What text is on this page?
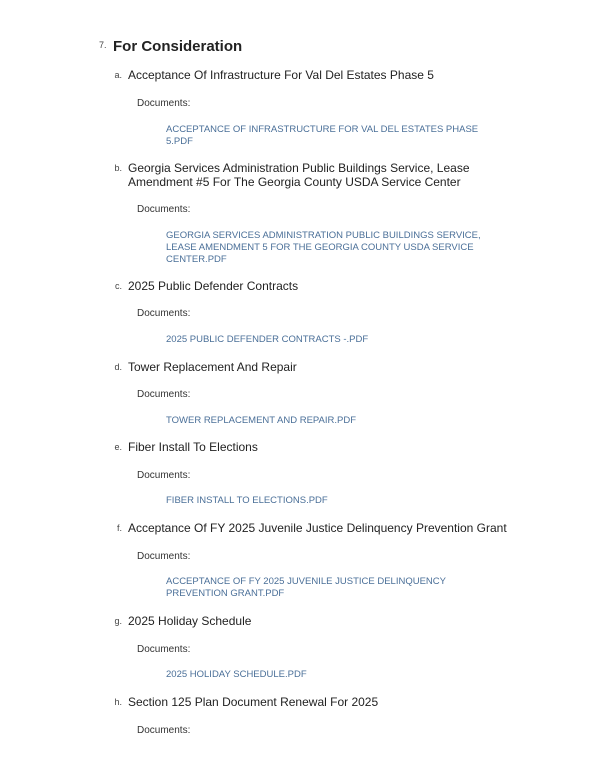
7. For Consideration
a. Acceptance Of Infrastructure For Val Del Estates Phase 5
Documents:
ACCEPTANCE OF INFRASTRUCTURE FOR VAL DEL ESTATES PHASE 5.PDF
b. Georgia Services Administration Public Buildings Service, Lease Amendment #5 For The Georgia County USDA Service Center
Documents:
GEORGIA SERVICES ADMINISTRATION PUBLIC BUILDINGS SERVICE, LEASE AMENDMENT 5 FOR THE GEORGIA COUNTY USDA SERVICE CENTER.PDF
c. 2025 Public Defender Contracts
Documents:
2025 PUBLIC DEFENDER CONTRACTS -.PDF
d. Tower Replacement And Repair
Documents:
TOWER REPLACEMENT AND REPAIR.PDF
e. Fiber Install To Elections
Documents:
FIBER INSTALL TO ELECTIONS.PDF
f. Acceptance Of FY 2025 Juvenile Justice Delinquency Prevention Grant
Documents:
ACCEPTANCE OF FY 2025 JUVENILE JUSTICE DELINQUENCY PREVENTION GRANT.PDF
g. 2025 Holiday Schedule
Documents:
2025 HOLIDAY SCHEDULE.PDF
h. Section 125 Plan Document Renewal For 2025
Documents:
